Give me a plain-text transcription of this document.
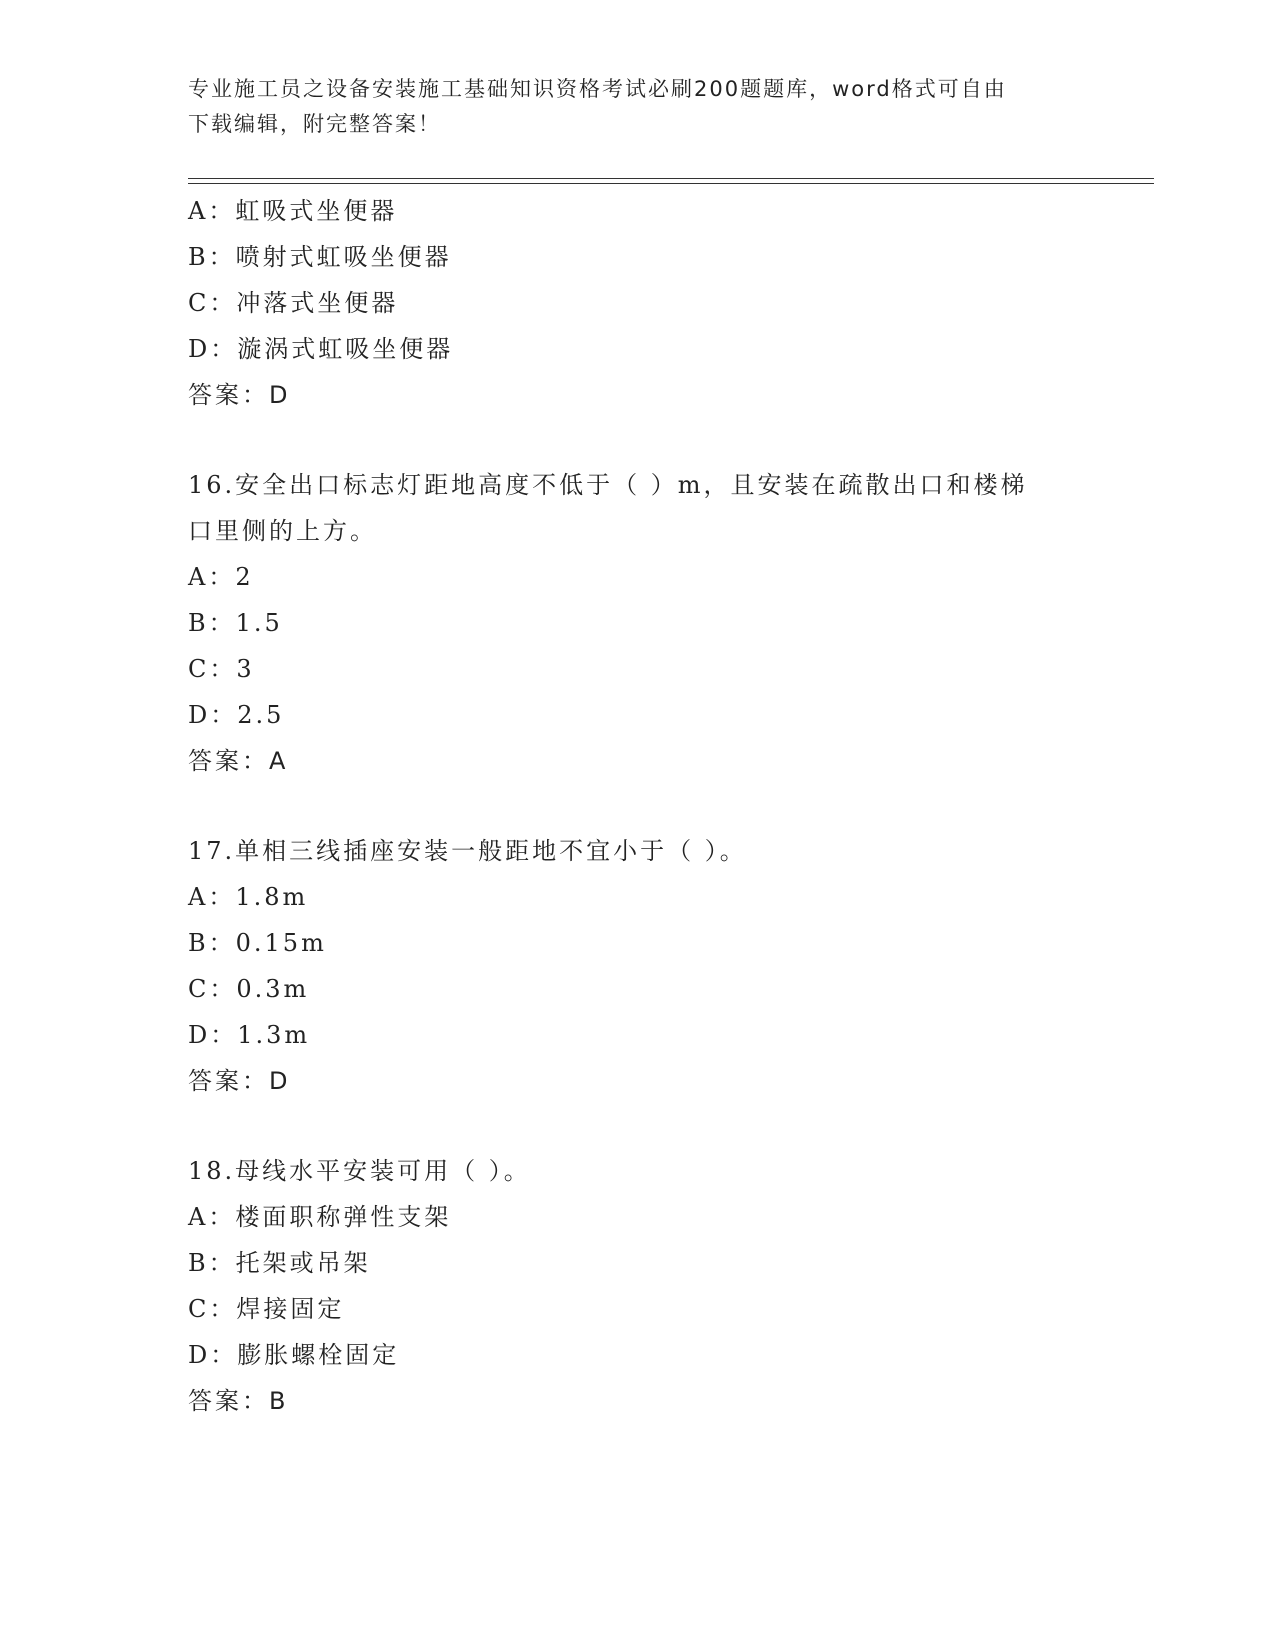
专业施工员之设备安装施工基础知识资格考试必刷200题题库，word格式可自由
下载编辑，附完整答案！
A：虹吸式坐便器
B：喷射式虹吸坐便器
C：冲落式坐便器
D：漩涡式虹吸坐便器
答案：D
16.安全出口标志灯距地高度不低于（ ）m，且安装在疏散出口和楼梯
口里侧的上方。
A：2
B：1.5
C：3
D：2.5
答案：A
17.单相三线插座安装一般距地不宜小于（ ）。
A：1.8m
B：0.15m
C：0.3m
D：1.3m
答案：D
18.母线水平安装可用（ ）。
A：楼面职称弹性支架
B：托架或吊架
C：焊接固定
D：膨胀螺栓固定
答案：B
